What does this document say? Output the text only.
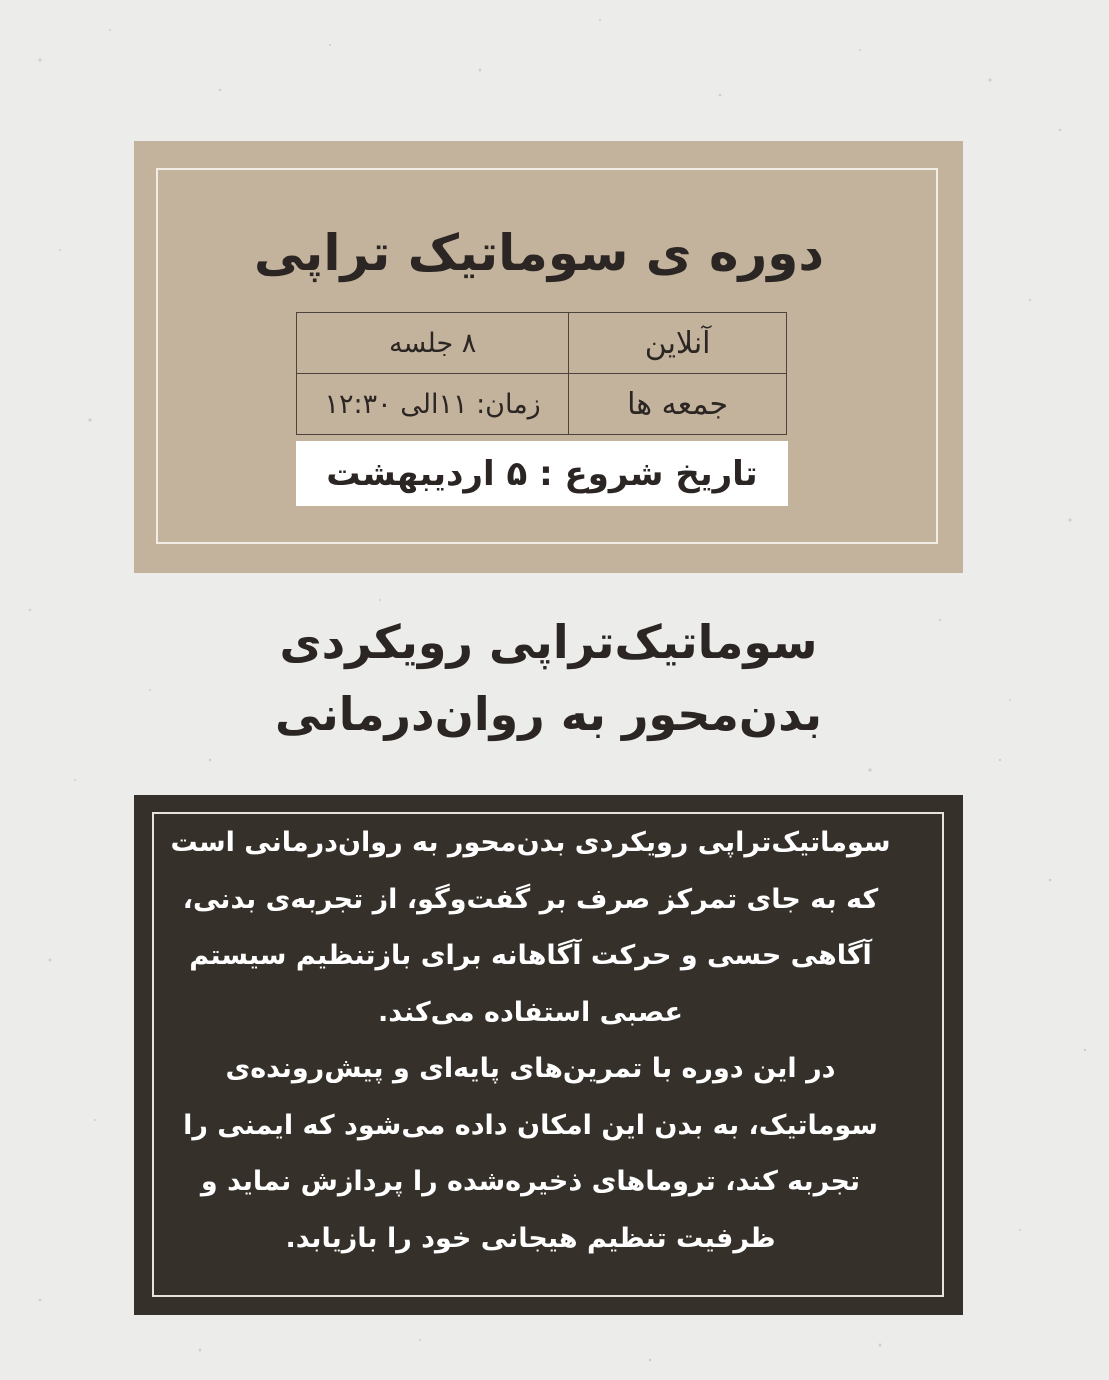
دوره ی سوماتیک تراپی
آنلاین	۸ جلسه
جمعه ها	زمان: ۱۱الی ۱۲:۳۰
تاریخ شروع : ۵ اردیبهشت
سوماتیک‌تراپی رویکردی
بدن‌محور به روان‌درمانی

سوماتیک‌تراپی رویکردی بدن‌محور به روان‌درمانی است که به جای تمرکز صرف بر گفت‌وگو، از تجربه‌ی بدنی، آگاهی حسی و حرکت آگاهانه برای بازتنظیم سیستم عصبی استفاده می‌کند.

در این دوره با تمرین‌های پایه‌ای و پیش‌رونده‌ی سوماتیک، به بدن این امکان داده می‌شود که ایمنی را تجربه کند، تروماهای ذخیره‌شده را پردازش نماید و ظرفیت تنظیم هیجانی خود را بازیابد.
